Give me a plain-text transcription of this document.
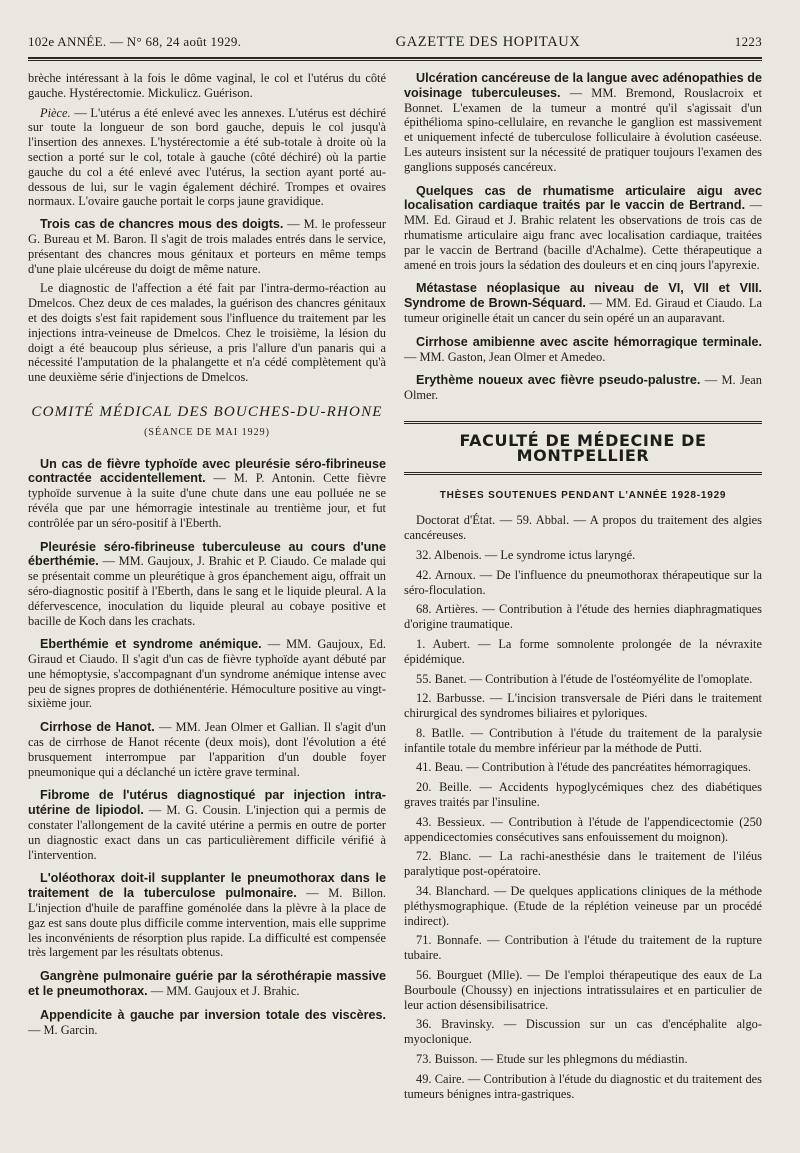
102e ANNÉE. — N° 68, 24 août 1929.	GAZETTE DES HOPITAUX	1223

brèche intéressant à la fois le dôme vaginal, le col et l'utérus du côté gauche. Hystérectomie. Mickulicz. Guérison.

Pièce. — L'utérus a été enlevé avec les annexes. L'utérus est déchiré sur toute la longueur de son bord gauche, depuis le col jusqu'à l'insertion des annexes. L'hystérectomie a été sub-totale à droite où la section a porté sur le col, totale à gauche (côté déchiré) où la partie gauche du col a été enlevé avec l'utérus, la section ayant porté au-dessous de lui, sur le vagin également déchiré. Trompes et ovaires normaux. L'ovaire gauche portait le corps jaune gravidique.

Trois cas de chancres mous des doigts. — M. le professeur G. Bureau et M. Baron. Il s'agit de trois malades entrés dans le service, présentant des chancres mous génitaux et porteurs en même temps d'une plaie ulcéreuse du doigt de même nature.

Le diagnostic de l'affection a été fait par l'intra-dermo-réaction au Dmelcos. Chez deux de ces malades, la guérison des chancres génitaux et des doigts s'est fait rapidement sous l'influence du traitement par les injections intra-veineuse de Dmelcos. Chez le troisième, la lésion du doigt a été beaucoup plus sérieuse, a pris l'allure d'un panaris qui a nécessité l'amputation de la phalangette et n'a cédé complètement qu'à une deuxième série d'injections de Dmelcos.

COMITÉ MÉDICAL DES BOUCHES-DU-RHONE
(SÉANCE DE MAI 1929)

Un cas de fièvre typhoïde avec pleurésie séro-fibrineuse contractée accidentellement. — M. P. Antonin. Cette fièvre typhoïde survenue à la suite d'une chute dans une eau polluée ne se révéla que par une hémorragie intestinale au trentième jour, et fut contrôlée par un séro-positif à l'Eberth.

Pleurésie séro-fibrineuse tuberculeuse au cours d'une éberthémie. — MM. Gaujoux, J. Brahic et P. Ciaudo. Ce malade qui se présentait comme un pleurétique à gros épanchement aigu, offrait un séro-diagnostic positif à l'Eberth, dans le sang et le liquide pleural. A la défervescence, inoculation du liquide pleural au cobaye positive et bacille de Koch dans les crachats.

Eberthémie et syndrome anémique. — MM. Gaujoux, Ed. Giraud et Ciaudo. Il s'agit d'un cas de fièvre typhoïde ayant débuté par une hémoptysie, s'accompagnant d'un syndrome anémique intense avec peu de signes propres de dothiénentérie. Hémoculture positive au vingt-sixième jour.

Cirrhose de Hanot. — MM. Jean Olmer et Gallian. Il s'agit d'un cas de cirrhose de Hanot récente (deux mois), dont l'évolution a été brusquement interrompue par l'apparition d'un double foyer pneumonique qui a déclanché un ictère grave terminal.

Fibrome de l'utérus diagnostiqué par injection intra-utérine de lipiodol. — M. G. Cousin. L'injection qui a permis de constater l'allongement de la cavité utérine a permis en outre de porter un diagnostic exact dans un cas particulièrement difficile vérifié à l'intervention.

L'oléothorax doit-il supplanter le pneumothorax dans le traitement de la tuberculose pulmonaire. — M. Billon. L'injection d'huile de paraffine goménolée dans la plèvre à la place de gaz est sans doute plus difficile comme intervention, mais elle supprime les inconvénients de résorption plus rapide. La difficulté est compensée très largement par les résultats obtenus.

Gangrène pulmonaire guérie par la sérothérapie massive et le pneumothorax. — MM. Gaujoux et J. Brahic.

Appendicite à gauche par inversion totale des viscères. — M. Garcin.

Ulcération cancéreuse de la langue avec adénopathies de voisinage tuberculeuses. — MM. Bremond, Rouslacroix et Bonnet. L'examen de la tumeur a montré qu'il s'agissait d'un épithélioma spino-cellulaire, en revanche le ganglion est massivement et uniquement infecté de tuberculose folliculaire à évolution caséeuse. Les auteurs insistent sur la nécessité de pratiquer toujours l'examen des ganglions supposés cancéreux.

Quelques cas de rhumatisme articulaire aigu avec localisation cardiaque traités par le vaccin de Bertrand. — MM. Ed. Giraud et J. Brahic relatent les observations de trois cas de rhumatisme articulaire aigu franc avec localisation cardiaque, traitées par le vaccin de Bertrand (bacille d'Achalme). Cette thérapeutique a amené en trois jours la sédation des douleurs et en cinq jours l'apyrexie.

Métastase néoplasique au niveau de VI, VII et VIII. Syndrome de Brown-Séquard. — MM. Ed. Giraud et Ciaudo. La tumeur originelle était un cancer du sein opéré un an auparavant.

Cirrhose amibienne avec ascite hémorragique terminale. — MM. Gaston, Jean Olmer et Amedeo.

Erythème noueux avec fièvre pseudo-palustre. — M. Jean Olmer.

FACULTÉ DE MÉDECINE DE MONTPELLIER
THÈSES SOUTENUES PENDANT L'ANNÉE 1928-1929

Doctorat d'État. — 59. Abbal. — A propos du traitement des algies cancéreuses.

32. Albenois. — Le syndrome ictus laryngé.

42. Arnoux. — De l'influence du pneumothorax thérapeutique sur la séro-floculation.

68. Artières. — Contribution à l'étude des hernies diaphragmatiques d'origine traumatique.

1. Aubert. — La forme somnolente prolongée de la névraxite épidémique.

55. Banet. — Contribution à l'étude de l'ostéomyélite de l'omoplate.

12. Barbusse. — L'incision transversale de Piéri dans le traitement chirurgical des syndromes biliaires et pyloriques.

8. Batlle. — Contribution à l'étude du traitement de la paralysie infantile totale du membre inférieur par la méthode de Putti.

41. Beau. — Contribution à l'étude des pancréatites hémorragiques.

20. Beille. — Accidents hypoglycémiques chez des diabétiques graves traités par l'insuline.

43. Bessieux. — Contribution à l'étude de l'appendicectomie (250 appendicectomies consécutives sans enfouissement du moignon).

72. Blanc. — La rachi-anesthésie dans le traitement de l'iléus paralytique post-opératoire.

34. Blanchard. — De quelques applications cliniques de la méthode pléthysmographique. (Etude de la réplétion veineuse par un procédé indirect).

71. Bonnafe. — Contribution à l'étude du traitement de la rupture tubaire.

56. Bourguet (Mlle). — De l'emploi thérapeutique des eaux de La Bourboule (Choussy) en injections intratissulaires et en particulier de leur action désensibilisatrice.

36. Bravinsky. — Discussion sur un cas d'encéphalite algo-myoclonique.

73. Buisson. — Etude sur les phlegmons du médiastin.

49. Caire. — Contribution à l'étude du diagnostic et du traitement des tumeurs bénignes intra-gastriques.
